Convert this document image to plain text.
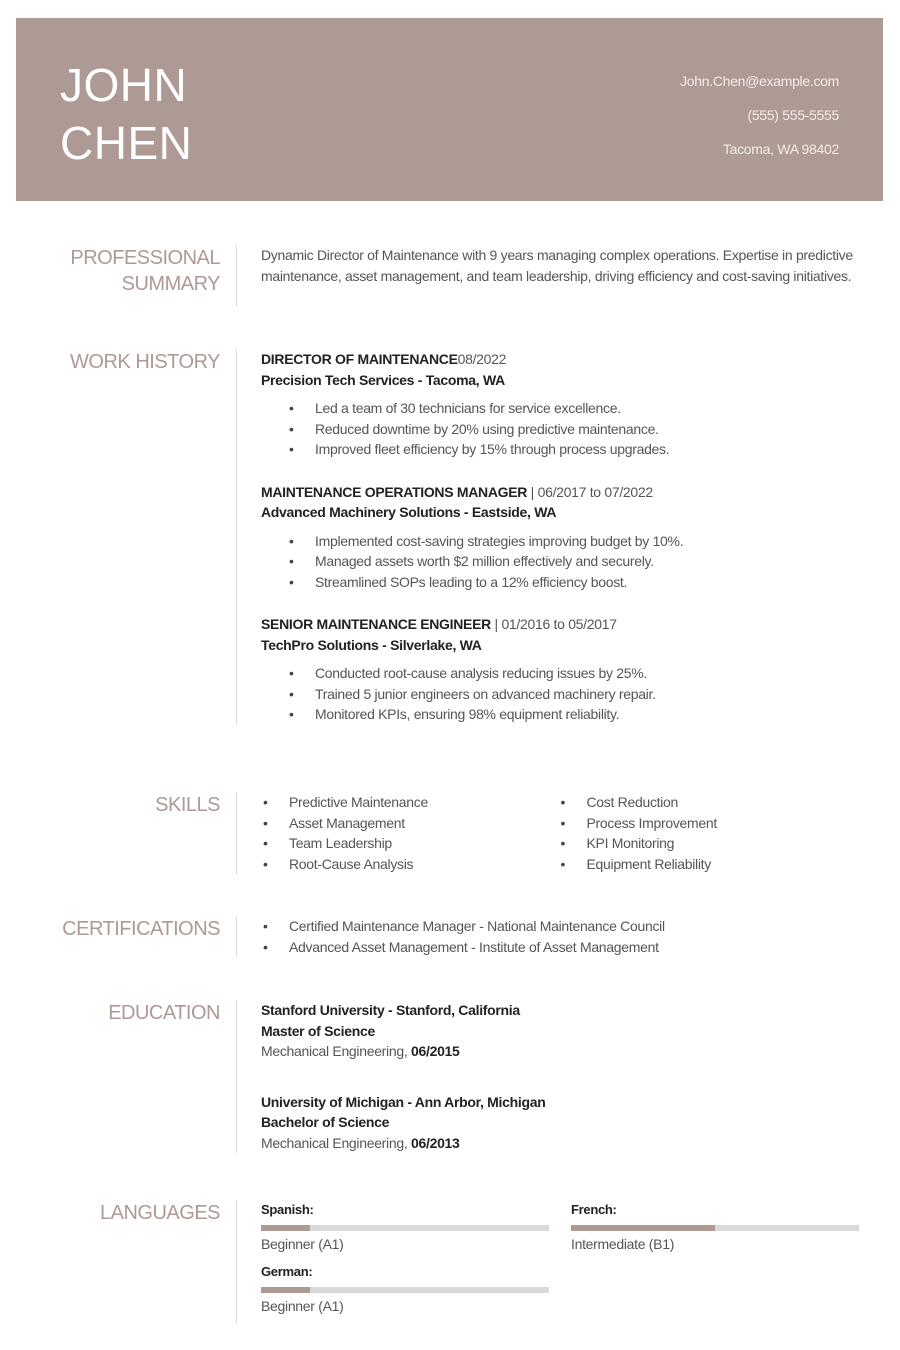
JOHN
CHEN
John.Chen@example.com
(555) 555-5555
Tacoma, WA 98402
PROFESSIONAL
SUMMARY
Dynamic Director of Maintenance with 9 years managing complex operations. Expertise in predictive maintenance, asset management, and team leadership, driving efficiency and cost-saving initiatives.
WORK HISTORY	DIRECTOR OF MAINTENANCE08/2022
Precision Tech Services - Tacoma, WA
• Led a team of 30 technicians for service excellence.
• Reduced downtime by 20% using predictive maintenance.
• Improved fleet efficiency by 15% through process upgrades.
MAINTENANCE OPERATIONS MANAGER | 06/2017 to 07/2022
Advanced Machinery Solutions - Eastside, WA
• Implemented cost-saving strategies improving budget by 10%.
• Managed assets worth $2 million effectively and securely.
• Streamlined SOPs leading to a 12% efficiency boost.
SENIOR MAINTENANCE ENGINEER | 01/2016 to 05/2017
TechPro Solutions - Silverlake, WA
• Conducted root-cause analysis reducing issues by 25%.
• Trained 5 junior engineers on advanced machinery repair.
• Monitored KPIs, ensuring 98% equipment reliability.
SKILLS	• Predictive Maintenance
• Asset Management
• Team Leadership
• Root-Cause Analysis
• Cost Reduction
• Process Improvement
• KPI Monitoring
• Equipment Reliability
CERTIFICATIONS	• Certified Maintenance Manager - National Maintenance Council
• Advanced Asset Management - Institute of Asset Management
EDUCATION	Stanford University - Stanford, California
Master of Science
Mechanical Engineering, 06/2015
University of Michigan - Ann Arbor, Michigan
Bachelor of Science
Mechanical Engineering, 06/2013
LANGUAGES	Spanish:
Beginner (A1)
French:
Intermediate (B1)
German:
Beginner (A1)
